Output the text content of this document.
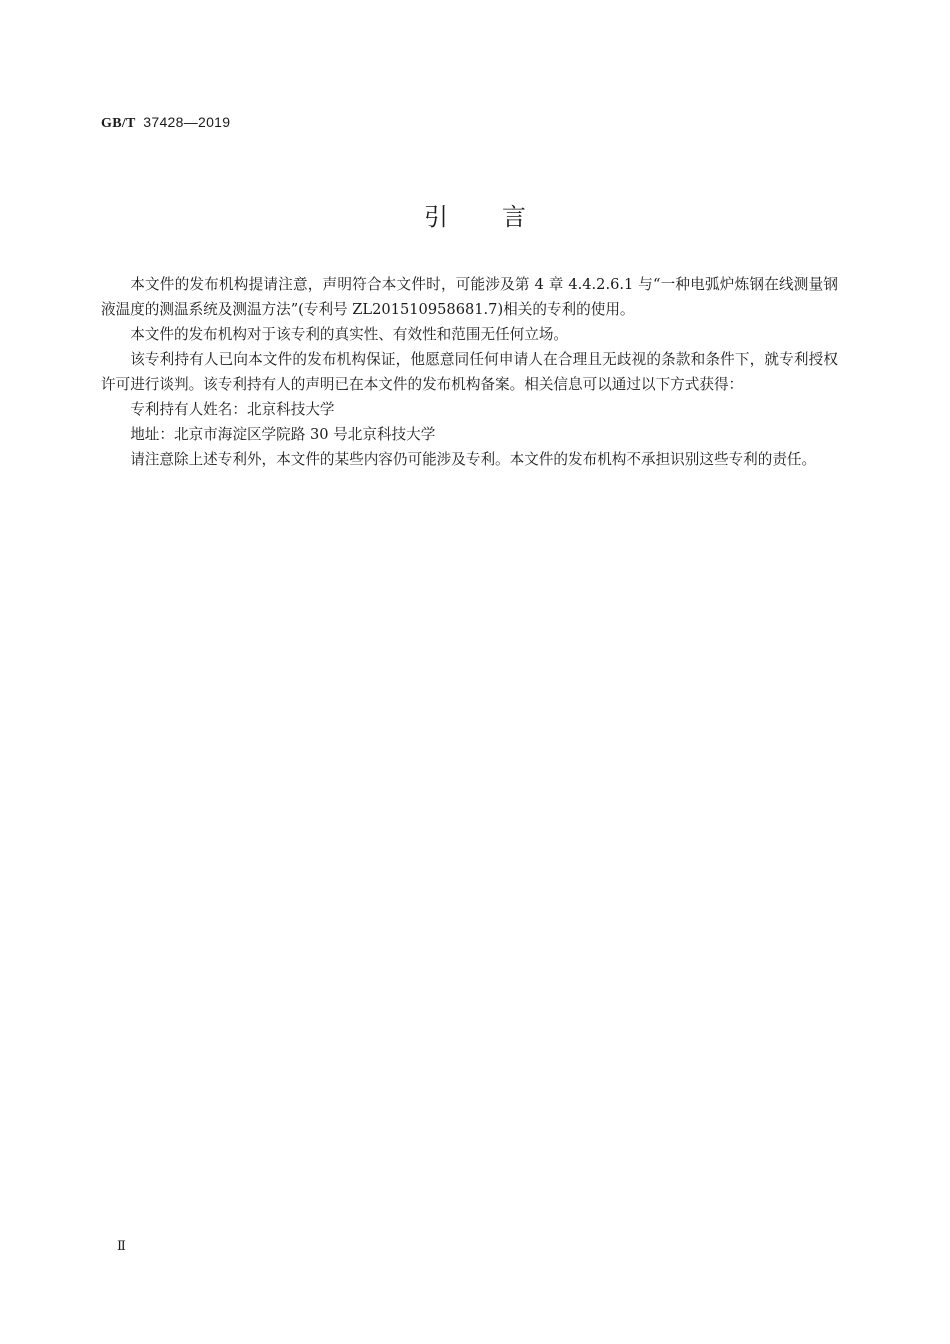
GB/T 37428—2019
引言

本文件的发布机构提请注意，声明符合本文件时，可能涉及第 4 章 4.4.2.6.1 与“一种电弧炉炼钢在线测量钢液温度的测温系统及测温方法”(专利号 ZL201510958681.7)相关的专利的使用。

本文件的发布机构对于该专利的真实性、有效性和范围无任何立场。

该专利持有人已向本文件的发布机构保证，他愿意同任何申请人在合理且无歧视的条款和条件下，就专利授权许可进行谈判。该专利持有人的声明已在本文件的发布机构备案。相关信息可以通过以下方式获得：

专利持有人姓名：北京科技大学

地址：北京市海淀区学院路 30 号北京科技大学

请注意除上述专利外，本文件的某些内容仍可能涉及专利。本文件的发布机构不承担识别这些专利的责任。

Ⅱ
